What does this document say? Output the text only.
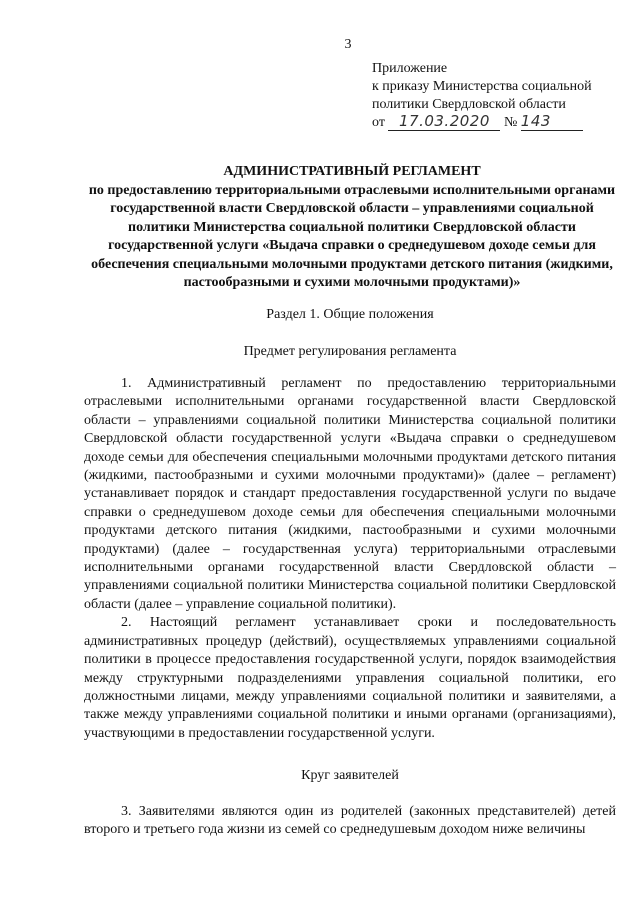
3
Приложение
к приказу Министерства социальной
политики Свердловской области
от 17.03.2020 № 143
АДМИНИСТРАТИВНЫЙ РЕГЛАМЕНТ
по предоставлению территориальными отраслевыми исполнительными органами государственной власти Свердловской области – управлениями социальной политики Министерства социальной политики Свердловской области государственной услуги «Выдача справки о среднедушевом доходе семьи для обеспечения специальными молочными продуктами детского питания (жидкими, пастообразными и сухими молочными продуктами)»
Раздел 1. Общие положения
Предмет регулирования регламента

1. Административный регламент по предоставлению территориальными отраслевыми исполнительными органами государственной власти Свердловской области – управлениями социальной политики Министерства социальной политики Свердловской области государственной услуги «Выдача справки о среднедушевом доходе семьи для обеспечения специальными молочными продуктами детского питания (жидкими, пастообразными и сухими молочными продуктами)» (далее – регламент) устанавливает порядок и стандарт предоставления государственной услуги по выдаче справки о среднедушевом доходе семьи для обеспечения специальными молочными продуктами детского питания (жидкими, пастообразными и сухими молочными продуктами) (далее – государственная услуга) территориальными отраслевыми исполнительными органами государственной власти Свердловской области – управлениями социальной политики Министерства социальной политики Свердловской области (далее – управление социальной политики).

2. Настоящий регламент устанавливает сроки и последовательность административных процедур (действий), осуществляемых управлениями социальной политики в процессе предоставления государственной услуги, порядок взаимодействия между структурными подразделениями управления социальной политики, его должностными лицами, между управлениями социальной политики и заявителями, а также между управлениями социальной политики и иными органами (организациями), участвующими в предоставлении государственной услуги.

Круг заявителей

3. Заявителями являются один из родителей (законных представителей) детей второго и третьего года жизни из семей со среднедушевым доходом ниже величины
